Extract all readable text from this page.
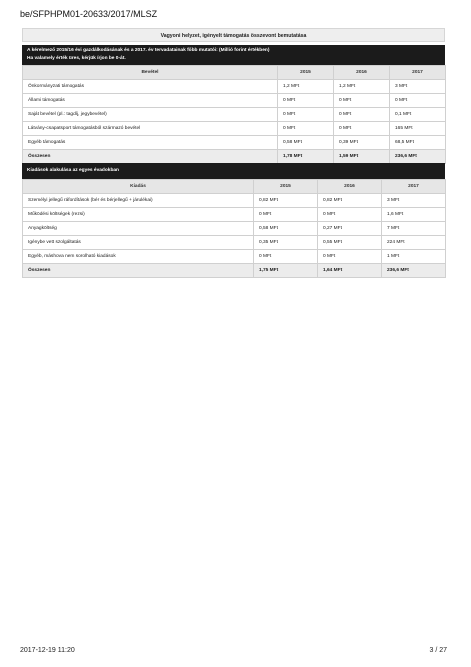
be/SFPHPM01-20633/2017/MLSZ
Vagyoni helyzet, igényelt támogatás összevont bemutatása
A kérelmező 2015/16 évi gazdálkodásának és a 2017. év tervadatainak főbb mutatói: (Millió forint értékben)
Ha valamely érték üres, kérjük írjon be 0-át.
Bevétel	2015	2016	2017
Önkormányzati támogatás	1,2 MFt	1,2 MFt	3 MFt
Állami támogatás	0 MFt	0 MFt	0 MFt
Saját bevétel (pl.: tagdíj, jegybevétel)	0 MFt	0 MFt	0,1 MFt
Látvány-csapatsport támogatásból származó bevétel	0 MFt	0 MFt	165 MFt
Egyéb támogatás	0,58 MFt	0,39 MFt	68,5 MFt
Összesen	1,78 MFt	1,59 MFt	236,6 MFt
Kiadások alakulása az egyes évadokban
Kiadás	2015	2016	2017
Személyi jellegű ráfordítások (bér és bérjellegű + járulékai)	0,82 MFt	0,82 MFt	3 MFt
Működési költségek (rezsi)	0 MFt	0 MFt	1,6 MFt
Anyagköltség	0,58 MFt	0,27 MFt	7 MFt
Igénybe vett szolgáltatás	0,35 MFt	0,55 MFt	224 MFt
Egyéb, máshova nem sorolható kiadások	0 MFt	0 MFt	1 MFt
Összesen	1,75 MFt	1,64 MFt	236,6 MFt
2017-12-19 11:20	3 / 27
